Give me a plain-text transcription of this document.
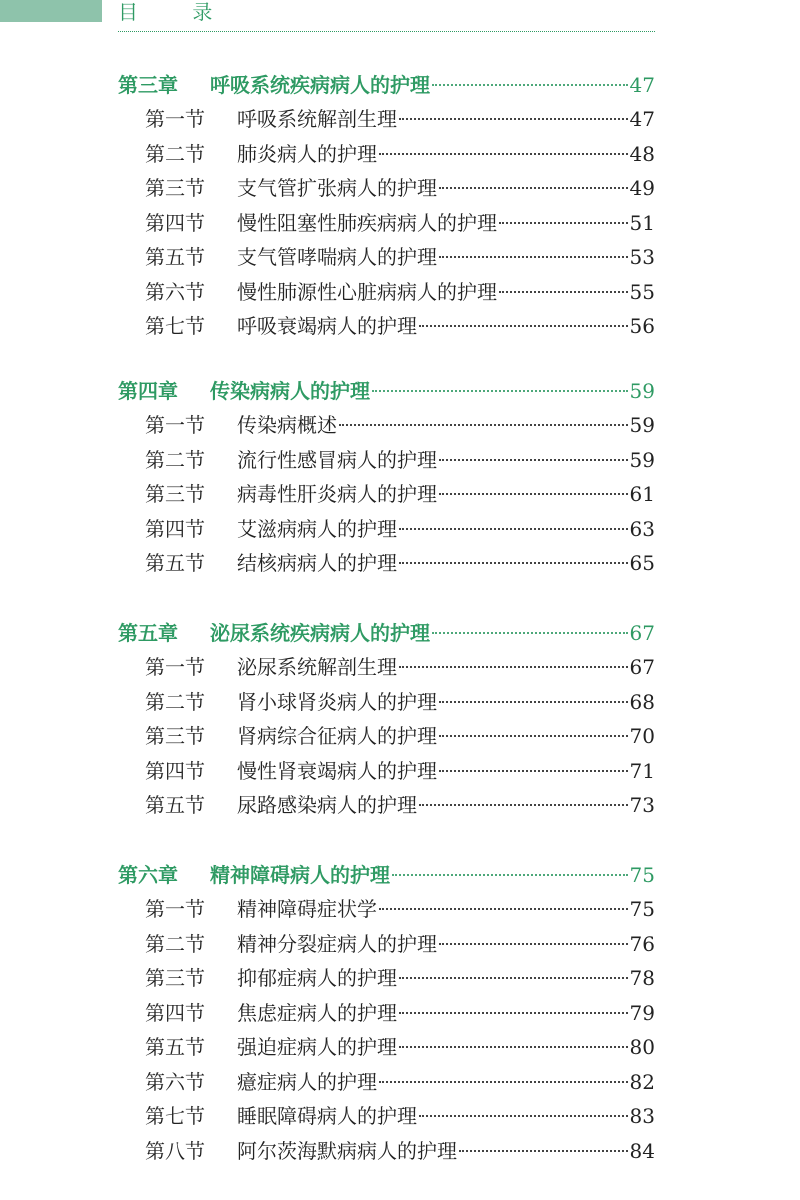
目 录
第三章	呼吸系统疾病病人的护理	47
第一节	呼吸系统解剖生理	47
第二节	肺炎病人的护理	48
第三节	支气管扩张病人的护理	49
第四节	慢性阻塞性肺疾病病人的护理	51
第五节	支气管哮喘病人的护理	53
第六节	慢性肺源性心脏病病人的护理	55
第七节	呼吸衰竭病人的护理	56
第四章	传染病病人的护理	59
第一节	传染病概述	59
第二节	流行性感冒病人的护理	59
第三节	病毒性肝炎病人的护理	61
第四节	艾滋病病人的护理	63
第五节	结核病病人的护理	65
第五章	泌尿系统疾病病人的护理	67
第一节	泌尿系统解剖生理	67
第二节	肾小球肾炎病人的护理	68
第三节	肾病综合征病人的护理	70
第四节	慢性肾衰竭病人的护理	71
第五节	尿路感染病人的护理	73
第六章	精神障碍病人的护理	75
第一节	精神障碍症状学	75
第二节	精神分裂症病人的护理	76
第三节	抑郁症病人的护理	78
第四节	焦虑症病人的护理	79
第五节	强迫症病人的护理	80
第六节	癔症病人的护理	82
第七节	睡眠障碍病人的护理	83
第八节	阿尔茨海默病病人的护理	84
